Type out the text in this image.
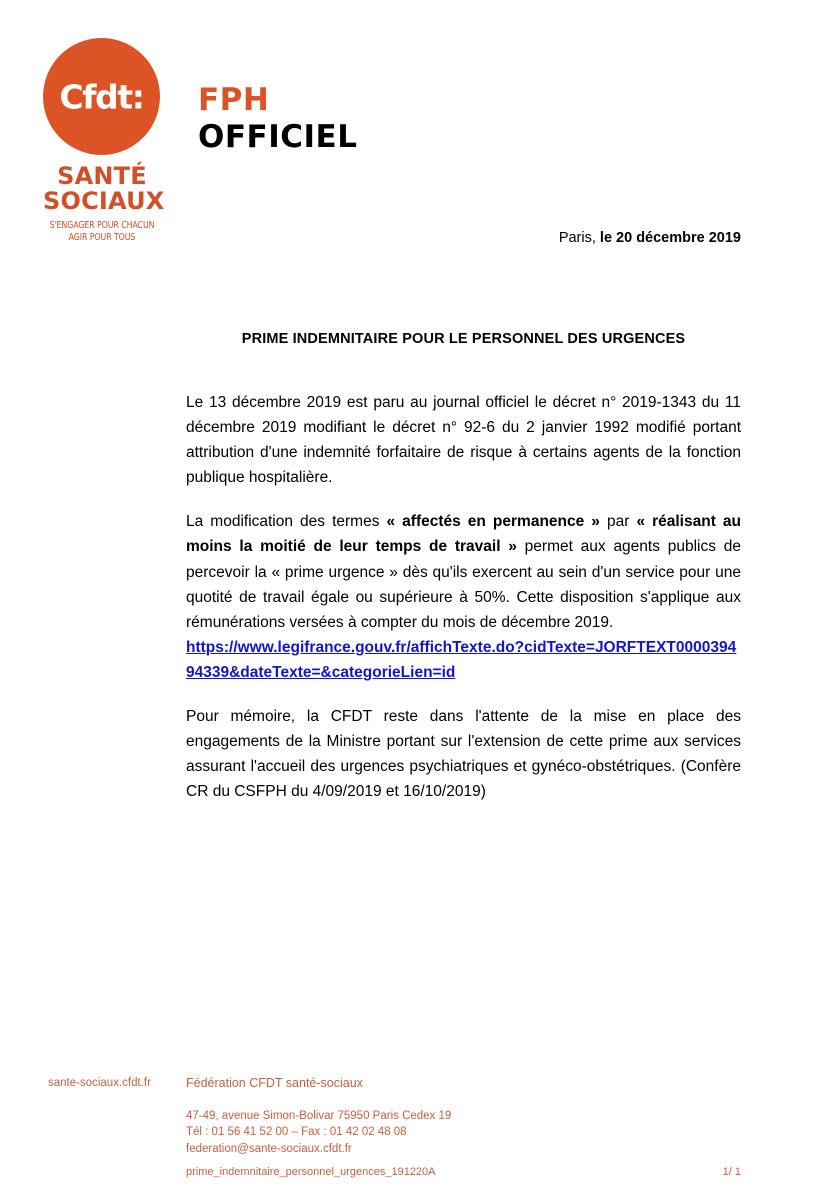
Cfdt:
SANTÉ
SOCIAUX
S'ENGAGER POUR CHACUN
AGIR POUR TOUS
FPH
OFFICIEL
Paris, le 20 décembre 2019
PRIME INDEMNITAIRE POUR LE PERSONNEL DES URGENCES

Le 13 décembre 2019 est paru au journal officiel le décret n° 2019-1343 du 11 décembre 2019 modifiant le décret n° 92-6 du 2 janvier 1992 modifié portant attribution d'une indemnité forfaitaire de risque à certains agents de la fonction publique hospitalière.

La modification des termes « affectés en permanence » par « réalisant au moins la moitié de leur temps de travail » permet aux agents publics de percevoir la « prime urgence » dès qu'ils exercent au sein d'un service pour une quotité de travail égale ou supérieure à 50%. Cette disposition s'applique aux rémunérations versées à compter du mois de décembre 2019.

https://www.legifrance.gouv.fr/affichTexte.do?cidTexte=JORFTEXT000039494339&dateTexte=&categorieLien=id

Pour mémoire, la CFDT reste dans l'attente de la mise en place des engagements de la Ministre portant sur l'extension de cette prime aux services assurant l'accueil des urgences psychiatriques et gynéco-obstétriques. (Confère CR du CSFPH du 4/09/2019 et 16/10/2019)

sante-sociaux.cfdt.fr	Fédération CFDT santé-sociaux
47-49, avenue Simon-Bolivar 75950 Paris Cedex 19
Tél : 01 56 41 52 00 – Fax : 01 42 02 48 08
federation@sante-sociaux.cfdt.fr
prime_indemnitaire_personnel_urgences_191220A	1/ 1
